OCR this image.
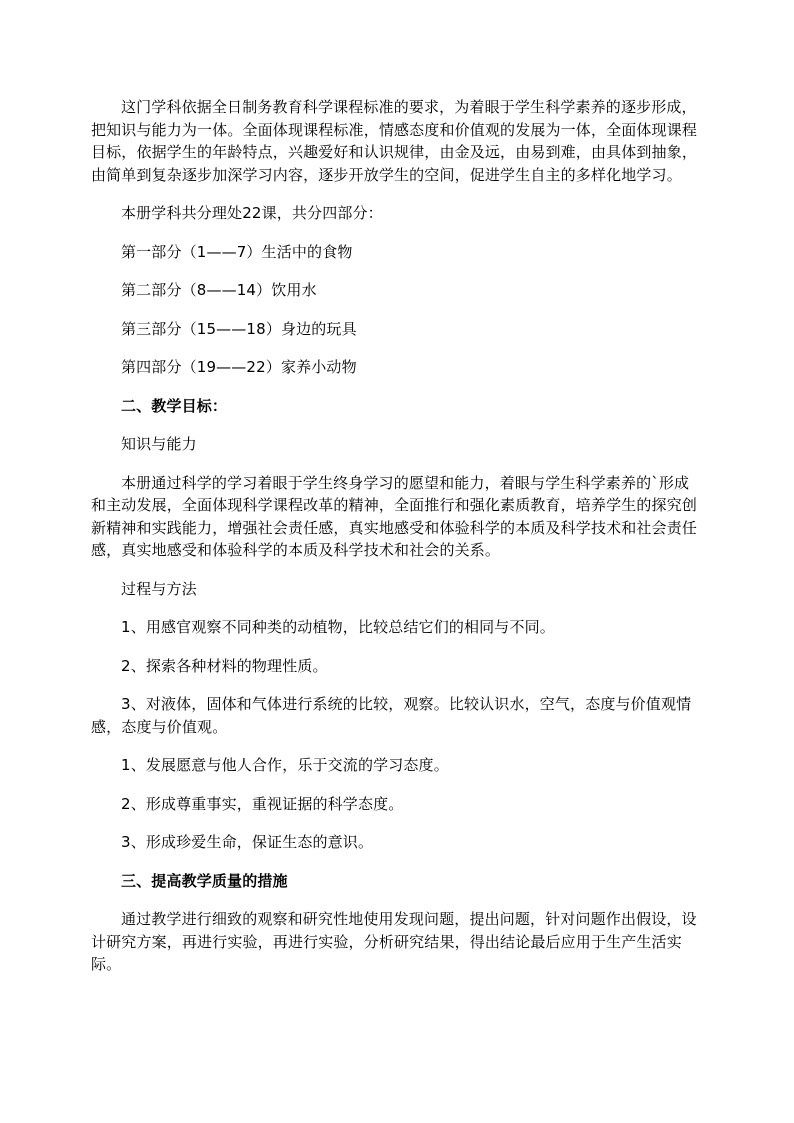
这门学科依据全日制务教育科学课程标准的要求，为着眼于学生科学素养的逐步形成，把知识与能力为一体。全面体现课程标准，情感态度和价值观的发展为一体，全面体现课程目标，依据学生的年龄特点，兴趣爱好和认识规律，由金及远，由易到难，由具体到抽象，由简单到复杂逐步加深学习内容，逐步开放学生的空间，促进学生自主的多样化地学习。

本册学科共分理处22课，共分四部分：

第一部分（1——7）生活中的食物

第二部分（8——14）饮用水

第三部分（15——18）身边的玩具

第四部分（19——22）家养小动物

二、教学目标：

知识与能力

本册通过科学的学习着眼于学生终身学习的愿望和能力，着眼与学生科学素养的`形成和主动发展，全面体现科学课程改革的精神，全面推行和强化素质教育，培养学生的探究创新精神和实践能力，增强社会责任感，真实地感受和体验科学的本质及科学技术和社会责任感，真实地感受和体验科学的本质及科学技术和社会的关系。

过程与方法

1、用感官观察不同种类的动植物，比较总结它们的相同与不同。

2、探索各种材料的物理性质。

3、对液体，固体和气体进行系统的比较，观察。比较认识水，空气，态度与价值观情感，态度与价值观。

1、发展愿意与他人合作，乐于交流的学习态度。

2、形成尊重事实，重视证据的科学态度。

3、形成珍爱生命，保证生态的意识。

三、提高教学质量的措施

通过教学进行细致的观察和研究性地使用发现问题，提出问题，针对问题作出假设，设计研究方案，再进行实验，再进行实验，分析研究结果，得出结论最后应用于生产生活实际。
